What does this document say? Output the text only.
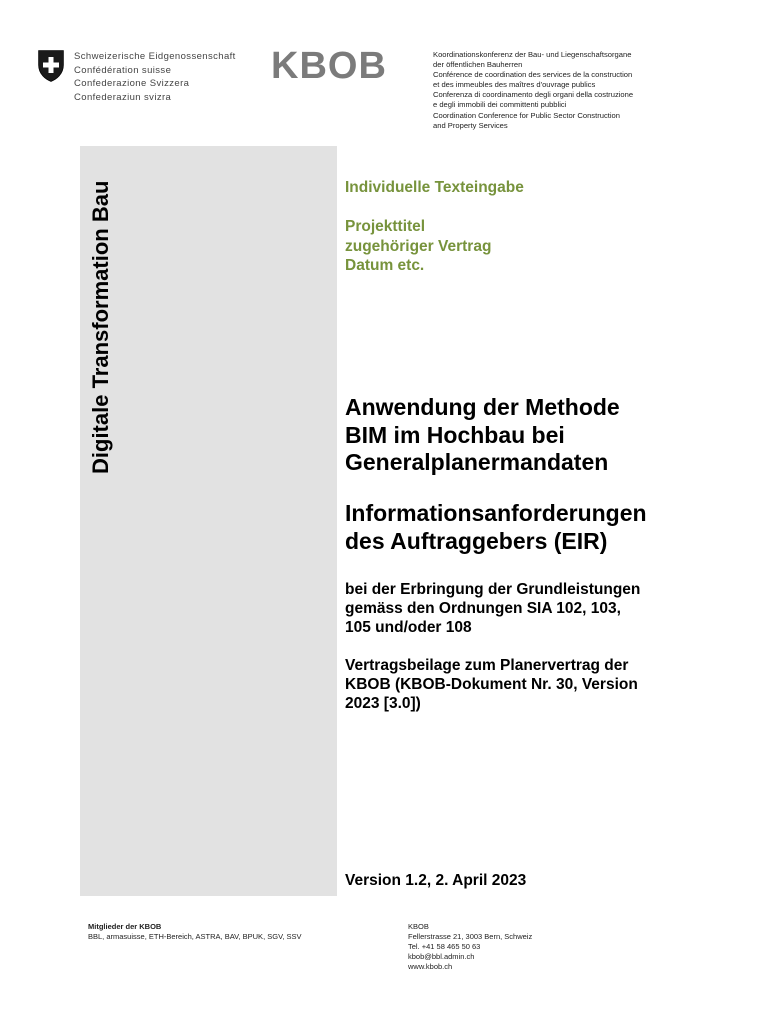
Schweizerische Eidgenossenschaft
Confédération suisse
Confederazione Svizzera
Confederaziun svizra
KBOB	Koordinationskonferenz der Bau- und Liegenschaftsorgane
der öffentlichen Bauherren
Conférence de coordination des services de la construction
et des immeubles des maîtres d'ouvrage publics
Conferenza di coordinamento degli organi della costruzione
e degli immobili dei committenti pubblici
Coordination Conference for Public Sector Construction
and Property Services
Digitale Transformation Bau	Individuelle Texteingabe
Projekttitel
zugehöriger Vertrag
Datum etc.
Anwendung der Methode
BIM im Hochbau bei
Generalplanermandaten
Informationsanforderungen
des Auftraggebers (EIR)
bei der Erbringung der Grundleistungen
gemäss den Ordnungen SIA 102, 103,
105 und/oder 108
Vertragsbeilage zum Planervertrag der
KBOB (KBOB-Dokument Nr. 30, Version
2023 [3.0])
Version 1.2, 2. April 2023
Mitglieder der KBOB
BBL, armasuisse, ETH-Bereich, ASTRA, BAV, BPUK, SGV, SSV
KBOB
Fellerstrasse 21, 3003 Bern, Schweiz
Tel. +41 58 465 50 63
kbob@bbl.admin.ch
www.kbob.ch
